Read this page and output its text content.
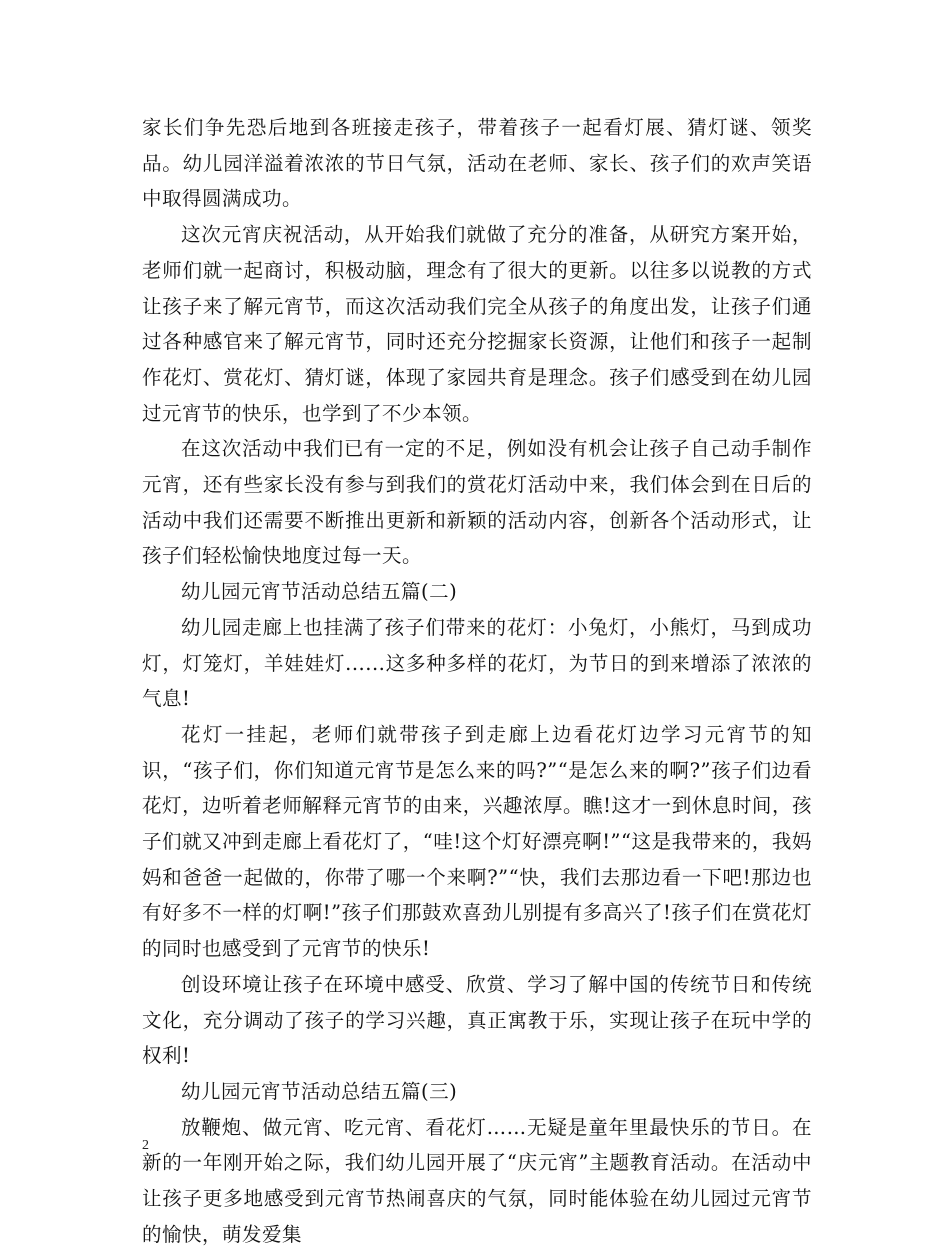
家长们争先恐后地到各班接走孩子，带着孩子一起看灯展、猜灯谜、领奖品。幼儿园洋溢着浓浓的节日气氛，活动在老师、家长、孩子们的欢声笑语中取得圆满成功。

这次元宵庆祝活动，从开始我们就做了充分的准备，从研究方案开始，老师们就一起商讨，积极动脑，理念有了很大的更新。以往多以说教的方式让孩子来了解元宵节，而这次活动我们完全从孩子的角度出发，让孩子们通过各种感官来了解元宵节，同时还充分挖掘家长资源，让他们和孩子一起制作花灯、赏花灯、猜灯谜，体现了家园共育是理念。孩子们感受到在幼儿园过元宵节的快乐，也学到了不少本领。

在这次活动中我们已有一定的不足，例如没有机会让孩子自己动手制作元宵，还有些家长没有参与到我们的赏花灯活动中来，我们体会到在日后的活动中我们还需要不断推出更新和新颖的活动内容，创新各个活动形式，让孩子们轻松愉快地度过每一天。

幼儿园元宵节活动总结五篇(二)

幼儿园走廊上也挂满了孩子们带来的花灯：小兔灯，小熊灯，马到成功灯，灯笼灯，羊娃娃灯......这多种多样的花灯，为节日的到来增添了浓浓的气息!

花灯一挂起，老师们就带孩子到走廊上边看花灯边学习元宵节的知识，“孩子们，你们知道元宵节是怎么来的吗?”“是怎么来的啊?”孩子们边看花灯，边听着老师解释元宵节的由来，兴趣浓厚。瞧!这才一到休息时间，孩子们就又冲到走廊上看花灯了，“哇!这个灯好漂亮啊!”“这是我带来的，我妈妈和爸爸一起做的，你带了哪一个来啊?”“快，我们去那边看一下吧!那边也有好多不一样的灯啊!”孩子们那鼓欢喜劲儿别提有多高兴了!孩子们在赏花灯的同时也感受到了元宵节的快乐!

创设环境让孩子在环境中感受、欣赏、学习了解中国的传统节日和传统文化，充分调动了孩子的学习兴趣，真正寓教于乐，实现让孩子在玩中学的权利!

幼儿园元宵节活动总结五篇(三)

放鞭炮、做元宵、吃元宵、看花灯……无疑是童年里最快乐的节日。在新的一年刚开始之际，我们幼儿园开展了“庆元宵”主题教育活动。在活动中让孩子更多地感受到元宵节热闹喜庆的气氛，同时能体验在幼儿园过元宵节的愉快，萌发爱集

2
